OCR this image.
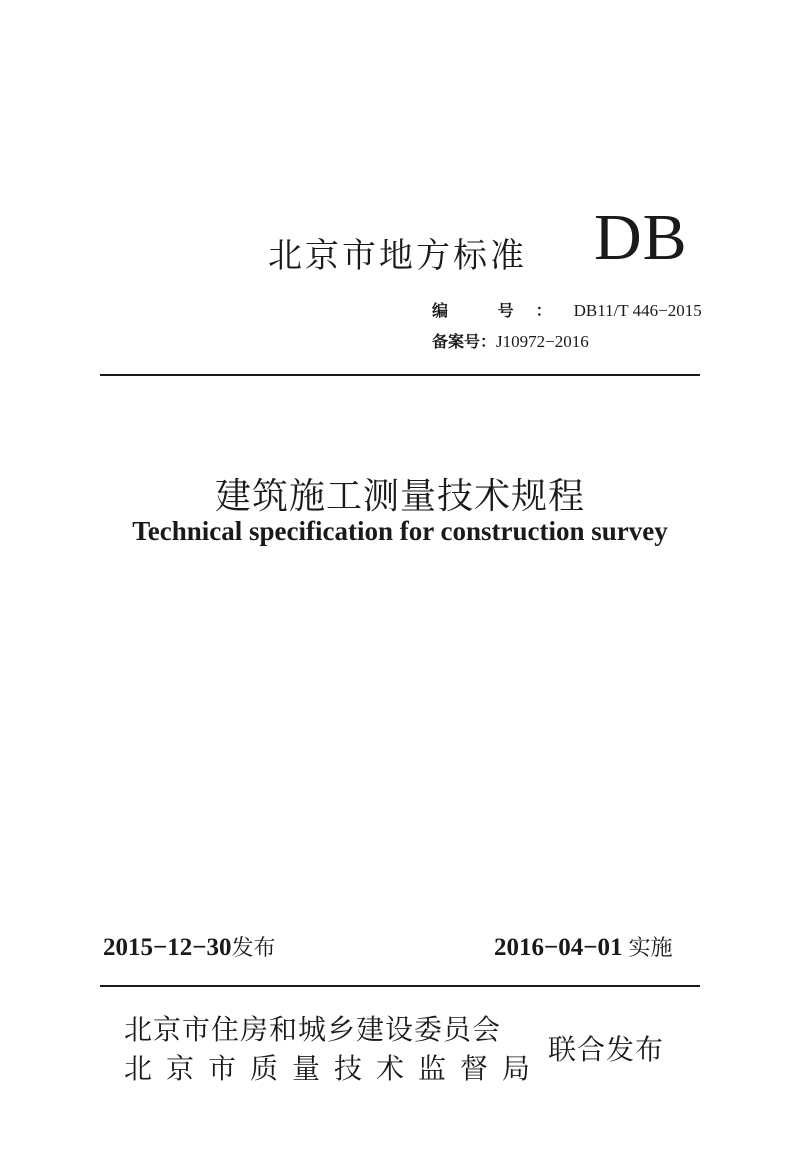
北京市地方标准 DB
编 号：DB11/T 446−2015
备案号：J10972−2016
建筑施工测量技术规程
Technical specification for construction survey
2015−12−30发布	2016−04−01 实施
北京市住房和城乡建设委员会
北京市质量技术监督局
联合发布
